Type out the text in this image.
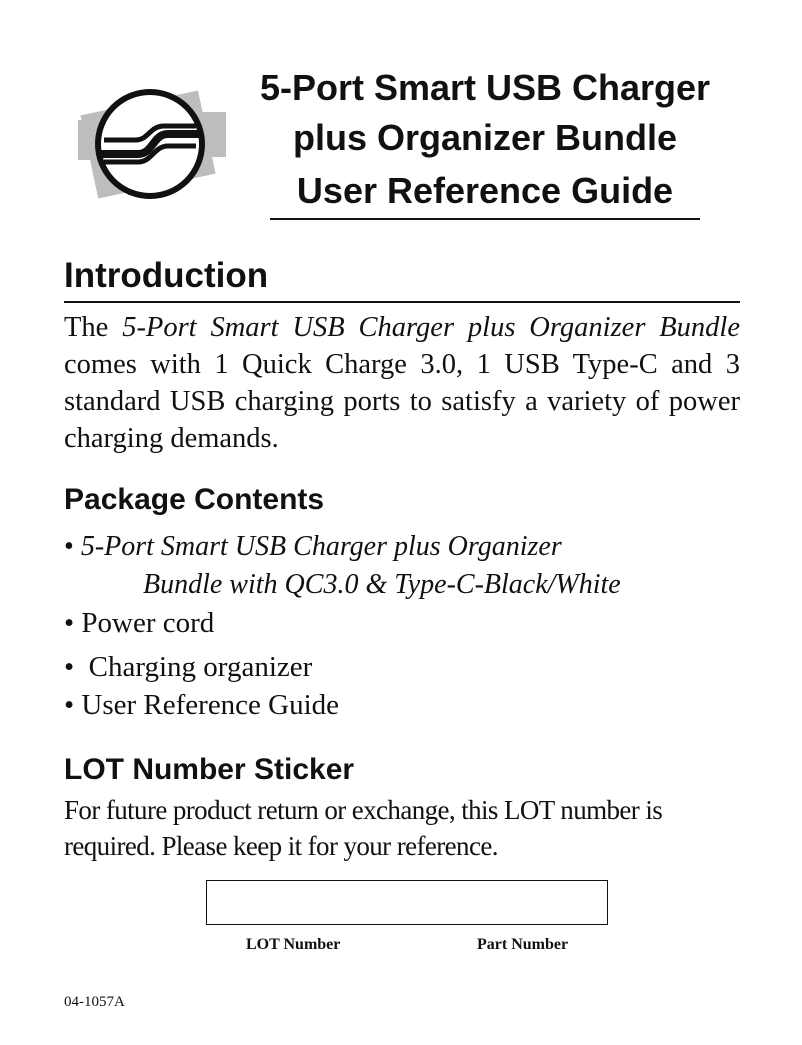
5-Port Smart USB Charger
plus Organizer Bundle
User Reference Guide
Introduction
The 5-Port Smart USB Charger plus Organizer Bundle comes with 1 Quick Charge 3.0, 1 USB Type-C and 3 standard USB charging ports to satisfy a variety of power charging demands.
Package Contents
• 5-Port Smart USB Charger plus Organizer
Bundle with QC3.0 & Type-C-Black/White
• Power cord
• Charging organizer
• User Reference Guide
LOT Number Sticker
For future product return or exchange, this LOT number is required. Please keep it for your reference.
LOT Number	Part Number
04-1057A
